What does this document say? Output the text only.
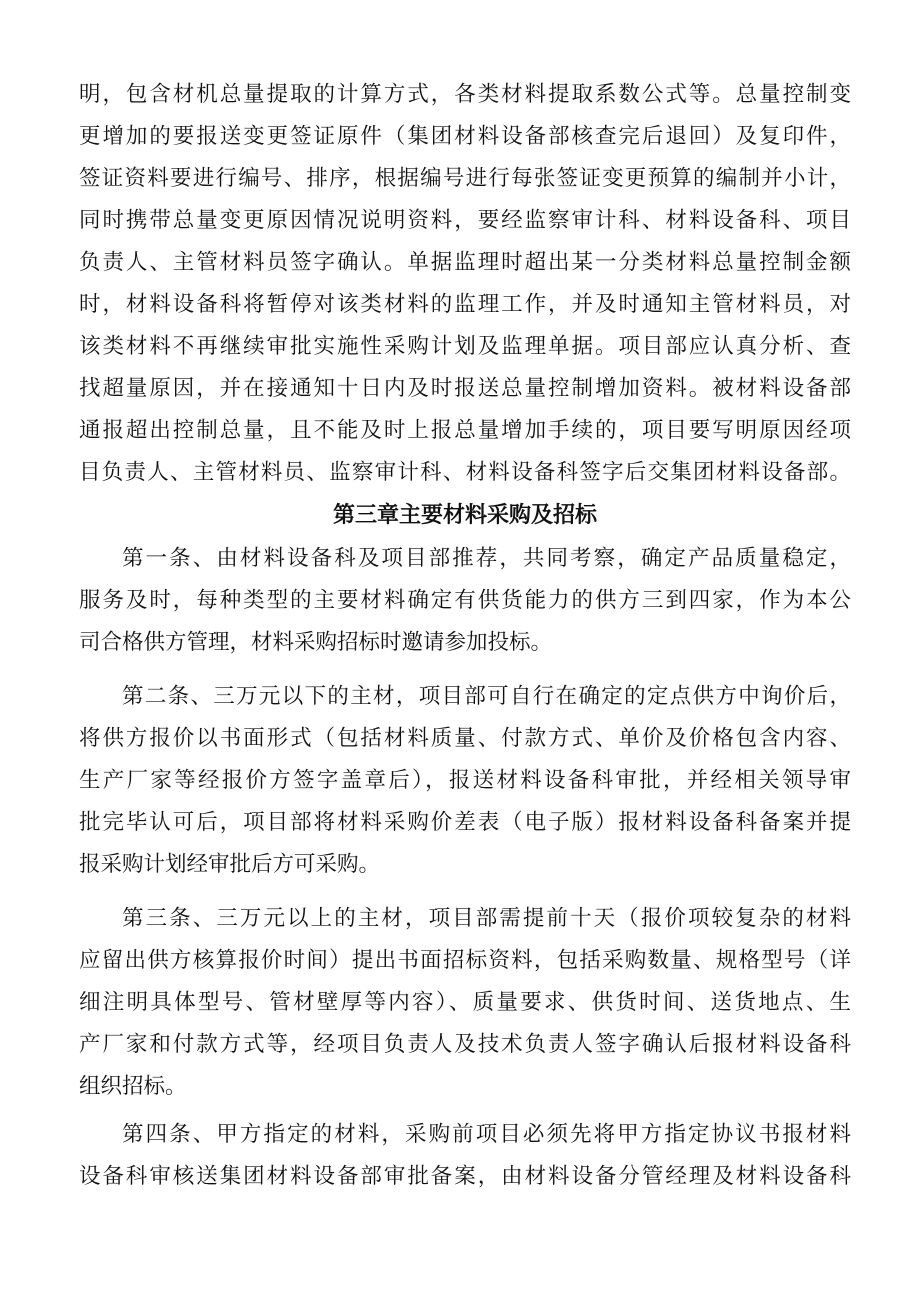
明，包含材机总量提取的计算方式，各类材料提取系数公式等。总量控制变
更增加的要报送变更签证原件（集团材料设备部核查完后退回）及复印件，
签证资料要进行编号、排序，根据编号进行每张签证变更预算的编制并小计，
同时携带总量变更原因情况说明资料，要经监察审计科、材料设备科、项目
负责人、主管材料员签字确认。单据监理时超出某一分类材料总量控制金额
时，材料设备科将暂停对该类材料的监理工作，并及时通知主管材料员，对
该类材料不再继续审批实施性采购计划及监理单据。项目部应认真分析、查
找超量原因，并在接通知十日内及时报送总量控制增加资料。被材料设备部
通报超出控制总量，且不能及时上报总量增加手续的，项目要写明原因经项
目负责人、主管材料员、监察审计科、材料设备科签字后交集团材料设备部。
第三章主要材料采购及招标
第一条、由材料设备科及项目部推荐，共同考察，确定产品质量稳定，
服务及时，每种类型的主要材料确定有供货能力的供方三到四家，作为本公
司合格供方管理，材料采购招标时邀请参加投标。
第二条、三万元以下的主材，项目部可自行在确定的定点供方中询价后，
将供方报价以书面形式（包括材料质量、付款方式、单价及价格包含内容、
生产厂家等经报价方签字盖章后），报送材料设备科审批，并经相关领导审
批完毕认可后，项目部将材料采购价差表（电子版）报材料设备科备案并提
报采购计划经审批后方可采购。
第三条、三万元以上的主材，项目部需提前十天（报价项较复杂的材料
应留出供方核算报价时间）提出书面招标资料，包括采购数量、规格型号（详
细注明具体型号、管材壁厚等内容）、质量要求、供货时间、送货地点、生
产厂家和付款方式等，经项目负责人及技术负责人签字确认后报材料设备科
组织招标。
第四条、甲方指定的材料，采购前项目必须先将甲方指定协议书报材料
设备科审核送集团材料设备部审批备案，由材料设备分管经理及材料设备科
